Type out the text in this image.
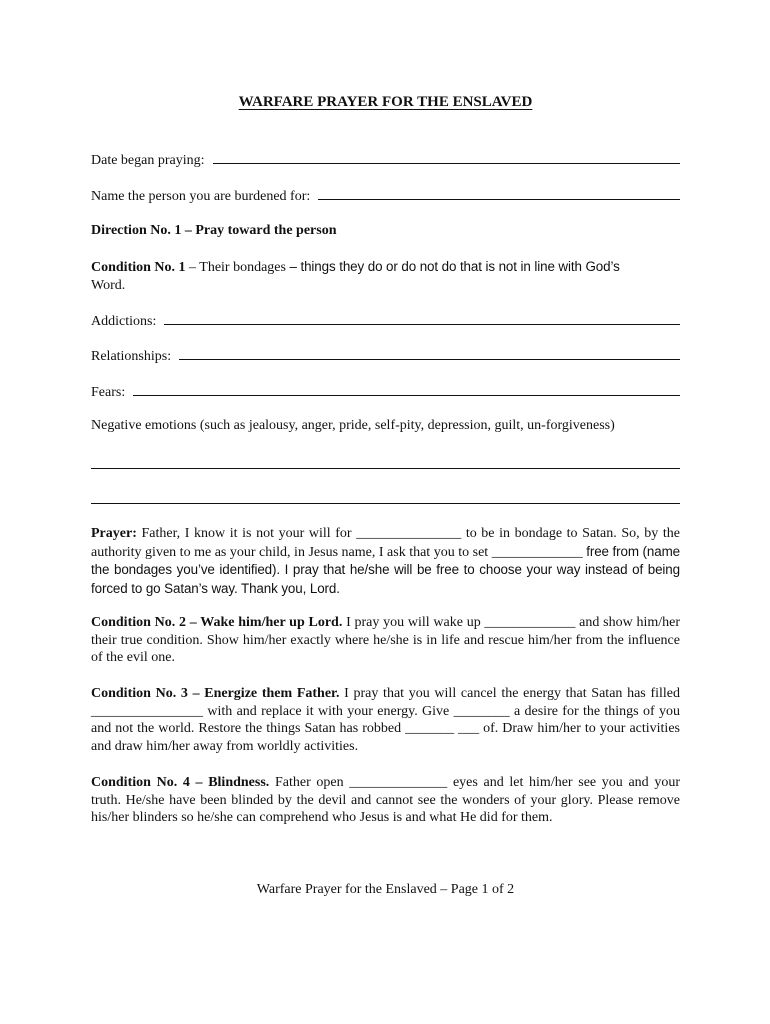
WARFARE PRAYER FOR THE ENSLAVED
Date began praying:
Name the person you are burdened for:
Direction No. 1 – Pray toward the person
Condition No. 1 – Their bondages – things they do or do not do that is not in line with God’s
Word.
Addictions:
Relationships:
Fears:
Negative emotions (such as jealousy, anger, pride, self-pity, depression, guilt, un-forgiveness)
Prayer: Father, I know it is not your will for _______________ to be in bondage to Satan. So, by the authority given to me as your child, in Jesus name, I ask that you to set _____________ free from (name the bondages you’ve identified). I pray that he/she will be free to choose your way instead of being forced to go Satan’s way. Thank you, Lord.
Condition No. 2 – Wake him/her up Lord. I pray you will wake up _____________ and show him/her their true condition. Show him/her exactly where he/she is in life and rescue him/her from the influence of the evil one.
Condition No. 3 – Energize them Father. I pray that you will cancel the energy that Satan has filled ________________ with and replace it with your energy. Give ________ a desire for the things of you and not the world. Restore the things Satan has robbed _______ ___ of. Draw him/her to your activities and draw him/her away from worldly activities.
Condition No. 4 – Blindness. Father open ______________ eyes and let him/her see you and your truth. He/she have been blinded by the devil and cannot see the wonders of your glory. Please remove his/her blinders so he/she can comprehend who Jesus is and what He did for them.
Warfare Prayer for the Enslaved – Page 1 of 2
